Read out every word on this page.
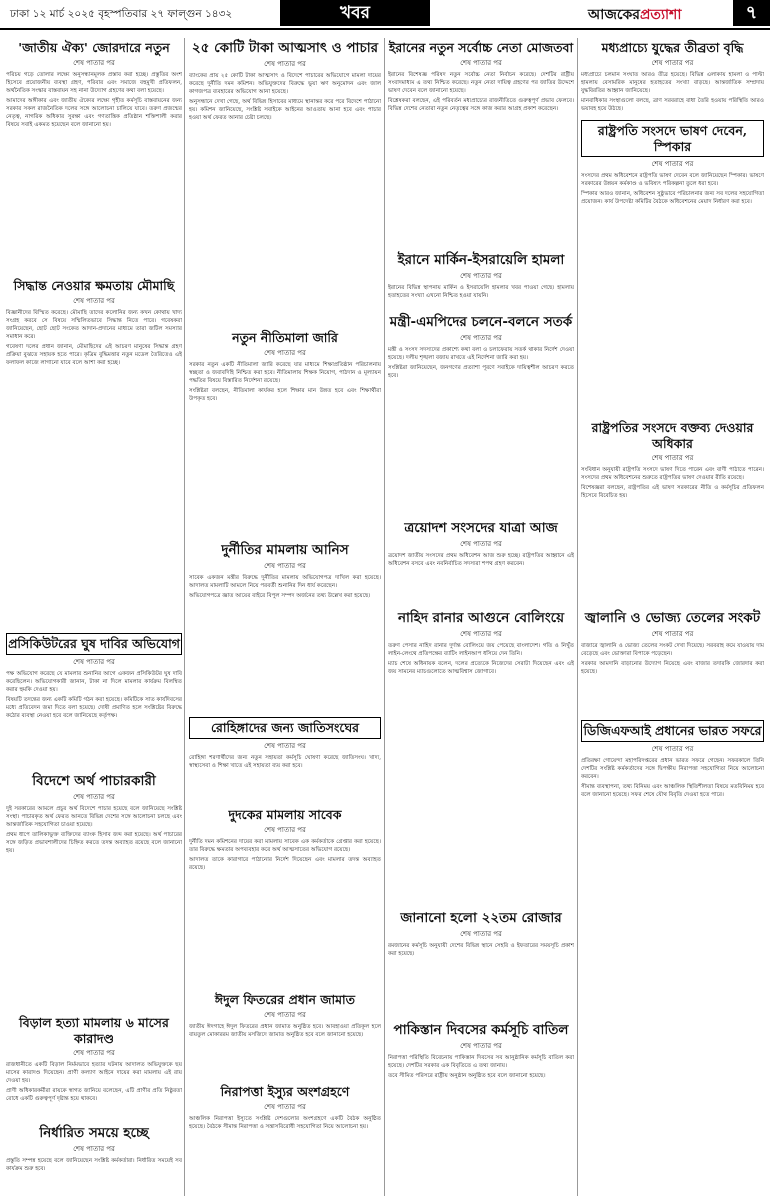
ঢাকা ১২ মার্চ ২০২৫ বৃহস্পতিবার ২৭ ফাল্গুন ১৪৩২	খবর	আজকেরপ্রত্যাশা	৭
'জাতীয় ঐক্য' জোরদারে নতুন
শেষ পাতার পর

পরিচয় গড়ে তোলার লক্ষ্যে অনুসন্ধানমূলক প্রস্তাব করা হচ্ছে। প্রস্তুতির অংশ হিসেবে প্রয়োজনীয় ব্যবস্থা গ্রহণ, পরিবার এবং সমাজে বহুমুখী প্রতিফলন, অর্থনৈতিক সংস্কার বাস্তবায়ন সহ নানা উদ্যোগ গ্রহণের কথা বলা হয়েছে।

আমাদের অঙ্গীকার এবং জাতীয় ঐক্যের লক্ষ্যে গৃহীত কর্মসূচি বাস্তবায়নের জন্য সরকার সকল রাজনৈতিক দলের সঙ্গে আলোচনা চালিয়ে যাবে। তরুণ প্রজন্মের নেতৃত্ব, নাগরিক অধিকার সুরক্ষা এবং গণতান্ত্রিক প্রতিষ্ঠান শক্তিশালী করার বিষয়ে সবাই একমত হয়েছেন বলে জানানো হয়।

সিদ্ধান্ত নেওয়ার ক্ষমতায় মৌমাছি
শেষ পাতার পর

বিজ্ঞানীদের বিস্মিত করেছে। মৌমাছি তাদের কলোনির জন্য কখন কোথায় খাদ্য সংগ্রহ করবে সে বিষয়ে সম্মিলিতভাবে সিদ্ধান্ত নিতে পারে। গবেষকরা জানিয়েছেন, ছোট ছোট সংকেত আদান-প্রদানের মাধ্যমে তারা জটিল সমস্যার সমাধান করে।

গবেষণা দলের প্রধান জানান, মৌমাছিদের এই আচরণ মানুষের সিদ্ধান্ত গ্রহণ প্রক্রিয়া বুঝতে সহায়ক হতে পারে। কৃত্রিম বুদ্ধিমত্তার নতুন মডেল তৈরিতেও এই ফলাফল কাজে লাগানো যাবে বলে আশা করা হচ্ছে।

প্রসিকিউটরের ঘুষ দাবির অভিযোগ
শেষ পাতার পর

পক্ষ অভিযোগ করেছে যে মামলার শুনানির আগে একজন প্রসিকিউটর ঘুষ দাবি করেছিলেন। অভিযোগকারী জানান, টাকা না দিলে মামলার কার্যক্রম বিলম্বিত করার হুমকি দেওয়া হয়।

বিষয়টি তদন্তের জন্য একটি কমিটি গঠন করা হয়েছে। কমিটিকে সাত কার্যদিবসের মধ্যে প্রতিবেদন জমা দিতে বলা হয়েছে। দোষী প্রমাণিত হলে সংশ্লিষ্টের বিরুদ্ধে কঠোর ব্যবস্থা নেওয়া হবে বলে জানিয়েছে কর্তৃপক্ষ।

বিদেশে অর্থ পাচারকারী
শেষ পাতার পর

দুই সরকারের আমলে প্রচুর অর্থ বিদেশে পাচার হয়েছে বলে জানিয়েছে সংশ্লিষ্ট সংস্থা। পাচারকৃত অর্থ ফেরত আনতে বিভিন্ন দেশের সঙ্গে আলোচনা চলছে এবং আন্তর্জাতিক সহযোগিতা চাওয়া হয়েছে।

প্রথম ধাপে তালিকাভুক্ত ব্যক্তিদের ব্যাংক হিসাব জব্দ করা হয়েছে। অর্থ পাচারের সঙ্গে জড়িত প্রভাবশালীদের চিহ্নিত করতে তদন্ত অব্যাহত রয়েছে বলে জানানো হয়।

বিড়াল হত্যা মামলায় ৬ মাসের কারাদণ্ড
শেষ পাতার পর

রাজধানীতে একটি বিড়াল নির্মমভাবে হত্যার ঘটনায় আদালত অভিযুক্তকে ছয় মাসের কারাদণ্ড দিয়েছেন। প্রাণী কল্যাণ আইনে দায়ের করা মামলায় এই রায় দেওয়া হয়।

প্রাণী অধিকারকর্মীরা রায়কে স্বাগত জানিয়ে বলেছেন, এটি প্রাণীর প্রতি নিষ্ঠুরতা রোধে একটি গুরুত্বপূর্ণ দৃষ্টান্ত হয়ে থাকবে।

নির্ধারিত সময়ে হচ্ছে
শেষ পাতার পর

প্রস্তুতি সম্পন্ন হয়েছে বলে জানিয়েছেন সংশ্লিষ্ট কর্মকর্তারা। নির্ধারিত সময়েই সব কার্যক্রম শুরু হবে।

২৫ কোটি টাকা আত্মসাৎ ও পাচার
শেষ পাতার পর

ব্যাংকের প্রায় ২৫ কোটি টাকা আত্মসাৎ ও বিদেশে পাচারের অভিযোগে মামলা দায়ের করেছে দুর্নীতি দমন কমিশন। অভিযুক্তদের বিরুদ্ধে ভুয়া ঋণ অনুমোদন এবং জাল কাগজপত্র ব্যবহারের অভিযোগ আনা হয়েছে।

অনুসন্ধানে দেখা গেছে, অর্থ বিভিন্ন হিসাবের মাধ্যমে স্থানান্তর করে পরে বিদেশে পাঠানো হয়। কমিশন জানিয়েছে, সংশ্লিষ্ট সবাইকে আইনের আওতায় আনা হবে এবং পাচার হওয়া অর্থ ফেরত আনার চেষ্টা চলছে।

নতুন নীতিমালা জারি
শেষ পাতার পর

সরকার নতুন একটি নীতিমালা জারি করেছে যার মাধ্যমে শিক্ষাপ্রতিষ্ঠান পরিচালনায় স্বচ্ছতা ও জবাবদিহি নিশ্চিত করা হবে। নীতিমালায় শিক্ষক নিয়োগ, পাঠদান ও মূল্যায়ন পদ্ধতির বিষয়ে বিস্তারিত নির্দেশনা রয়েছে।

সংশ্লিষ্টরা বলছেন, নীতিমালা কার্যকর হলে শিক্ষার মান উন্নত হবে এবং শিক্ষার্থীরা উপকৃত হবে।

দুর্নীতির মামলায় আনিস
শেষ পাতার পর

সাবেক একজন মন্ত্রীর বিরুদ্ধে দুর্নীতির মামলায় অভিযোগপত্র দাখিল করা হয়েছে। আদালত মামলাটি আমলে নিয়ে পরবর্তী শুনানির দিন ধার্য করেছেন।

অভিযোগপত্রে জ্ঞাত আয়ের বাইরে বিপুল সম্পদ অর্জনের তথ্য উল্লেখ করা হয়েছে।

রোহিঙ্গাদের জন্য জাতিসংঘের
শেষ পাতার পর

রোহিঙ্গা শরণার্থীদের জন্য নতুন সহায়তা কর্মসূচি ঘোষণা করেছে জাতিসংঘ। খাদ্য, স্বাস্থ্যসেবা ও শিক্ষা খাতে এই সহায়তা ব্যয় করা হবে।

দুদকের মামলায় সাবেক
শেষ পাতার পর

দুর্নীতি দমন কমিশনের দায়ের করা মামলায় সাবেক এক কর্মকর্তাকে গ্রেপ্তার করা হয়েছে। তার বিরুদ্ধে ক্ষমতার অপব্যবহার করে অর্থ আত্মসাতের অভিযোগ রয়েছে।

আদালত তাকে কারাগারে পাঠানোর নির্দেশ দিয়েছেন এবং মামলার তদন্ত অব্যাহত রয়েছে।

ঈদুল ফিতরের প্রধান জামাত
শেষ পাতার পর

জাতীয় ঈদগাহে ঈদুল ফিতরের প্রধান জামাত অনুষ্ঠিত হবে। আবহাওয়া প্রতিকূল হলে বায়তুল মোকাররম জাতীয় মসজিদে জামাত অনুষ্ঠিত হবে বলে জানানো হয়েছে।

নিরাপত্তা ইস্যুর অংশগ্রহণে
শেষ পাতার পর

আঞ্চলিক নিরাপত্তা ইস্যুতে সংশ্লিষ্ট দেশগুলোর অংশগ্রহণে একটি বৈঠক অনুষ্ঠিত হয়েছে। বৈঠকে সীমান্ত নিরাপত্তা ও সন্ত্রাসবিরোধী সহযোগিতা নিয়ে আলোচনা হয়।

ইরানের নতুন সর্বোচ্চ নেতা মোজতবা
শেষ পাতার পর

ইরানের বিশেষজ্ঞ পরিষদ নতুন সর্বোচ্চ নেতা নির্বাচন করেছে। দেশটির রাষ্ট্রীয় সংবাদমাধ্যম এ তথ্য নিশ্চিত করেছে। নতুন নেতা দায়িত্ব গ্রহণের পর জাতির উদ্দেশে ভাষণ দেবেন বলে জানানো হয়েছে।

বিশ্লেষকরা বলছেন, এই পরিবর্তন মধ্যপ্রাচ্যের রাজনীতিতে গুরুত্বপূর্ণ প্রভাব ফেলবে। বিভিন্ন দেশের নেতারা নতুন নেতৃত্বের সঙ্গে কাজ করার আগ্রহ প্রকাশ করেছেন।

ইরানে মার্কিন-ইসরায়েলি হামলা
শেষ পাতার পর

ইরানের বিভিন্ন স্থাপনায় মার্কিন ও ইসরায়েলি হামলার খবর পাওয়া গেছে। হামলায় হতাহতের সংখ্যা এখনো নিশ্চিত হওয়া যায়নি।

মন্ত্রী-এমপিদের চলনে-বলনে সতর্ক
শেষ পাতার পর

মন্ত্রী ও সংসদ সদস্যদের প্রকাশ্যে কথা বলা ও চলাফেরায় সতর্ক থাকার নির্দেশ দেওয়া হয়েছে। দলীয় শৃঙ্খলা বজায় রাখতে এই নির্দেশনা জারি করা হয়।

সংশ্লিষ্টরা জানিয়েছেন, জনগণের প্রত্যাশা পূরণে সবাইকে দায়িত্বশীল আচরণ করতে হবে।

ত্রয়োদশ সংসদের যাত্রা আজ
শেষ পাতার পর

ত্রয়োদশ জাতীয় সংসদের প্রথম অধিবেশন আজ শুরু হচ্ছে। রাষ্ট্রপতির আহ্বানে এই অধিবেশন বসবে এবং নবনির্বাচিত সদস্যরা শপথ গ্রহণ করবেন।

নাহিদ রানার আগুনে বোলিংয়ে
শেষ পাতার পর

তরুণ পেসার নাহিদ রানার দুর্দান্ত বোলিংয়ে জয় পেয়েছে বাংলাদেশ। গতি ও নিখুঁত লাইন-লেংথে প্রতিপক্ষের ব্যাটিং লাইনআপ ধসিয়ে দেন তিনি।

ম্যাচ শেষে অধিনায়ক বলেন, দলের প্রত্যেকে নিজেদের সেরাটা দিয়েছেন এবং এই জয় সামনের ম্যাচগুলোতে আত্মবিশ্বাস জোগাবে।

জানানো হলো ২২তম রোজার
শেষ পাতার পর

রমজানের কর্মসূচি অনুযায়ী দেশের বিভিন্ন স্থানে সেহরি ও ইফতারের সময়সূচি প্রকাশ করা হয়েছে।

পাকিস্তান দিবসের কর্মসূচি বাতিল
শেষ পাতার পর

নিরাপত্তা পরিস্থিতি বিবেচনায় পাকিস্তান দিবসের সব আনুষ্ঠানিক কর্মসূচি বাতিল করা হয়েছে। দেশটির সরকার এক বিবৃতিতে এ তথ্য জানায়।

তবে সীমিত পরিসরে রাষ্ট্রীয় অনুষ্ঠান অনুষ্ঠিত হবে বলে জানানো হয়েছে।

মধ্যপ্রাচ্যে যুদ্ধের তীব্রতা বৃদ্ধি
শেষ পাতার পর

মধ্যপ্রাচ্যে চলমান সংঘাত আরও তীব্র হয়েছে। বিভিন্ন এলাকায় হামলা ও পাল্টা হামলায় বেসামরিক মানুষের হতাহতের সংখ্যা বাড়ছে। আন্তর্জাতিক সম্প্রদায় যুদ্ধবিরতির আহ্বান জানিয়েছে।

মানবাধিকার সংস্থাগুলো বলছে, ত্রাণ সরবরাহে বাধা তৈরি হওয়ায় পরিস্থিতি আরও ভয়াবহ হয়ে উঠছে।

রাষ্ট্রপতি সংসদে ভাষণ দেবেন, স্পিকার
শেষ পাতার পর

সংসদের প্রথম অধিবেশনে রাষ্ট্রপতি ভাষণ দেবেন বলে জানিয়েছেন স্পিকার। ভাষণে সরকারের উন্নয়ন কর্মকাণ্ড ও ভবিষ্যৎ পরিকল্পনা তুলে ধরা হবে।

স্পিকার আরও জানান, অধিবেশন সুষ্ঠুভাবে পরিচালনার জন্য সব দলের সহযোগিতা প্রয়োজন। কার্য উপদেষ্টা কমিটির বৈঠকে অধিবেশনের মেয়াদ নির্ধারণ করা হবে।

রাষ্ট্রপতির সংসদে বক্তব্য দেওয়ার অধিকার
শেষ পাতার পর

সংবিধান অনুযায়ী রাষ্ট্রপতি সংসদে ভাষণ দিতে পারেন এবং বাণী পাঠাতে পারেন। সংসদের প্রথম অধিবেশনের শুরুতে রাষ্ট্রপতির ভাষণ দেওয়ার রীতি রয়েছে।

বিশেষজ্ঞরা বলছেন, রাষ্ট্রপতির এই ভাষণ সরকারের নীতি ও কর্মসূচির প্রতিফলন হিসেবে বিবেচিত হয়।

জ্বালানি ও ভোজ্য তেলের সংকট
শেষ পাতার পর

বাজারে জ্বালানি ও ভোজ্য তেলের সংকট দেখা দিয়েছে। সরবরাহ কমে যাওয়ায় দাম বেড়েছে এবং ভোক্তারা বিপাকে পড়েছেন।

সরকার আমদানি বাড়ানোর উদ্যোগ নিয়েছে এবং বাজার তদারকি জোরদার করা হয়েছে।

ডিজিএফআই প্রধানের ভারত সফরে
শেষ পাতার পর

প্রতিরক্ষা গোয়েন্দা মহাপরিদপ্তরের প্রধান ভারত সফরে গেছেন। সফরকালে তিনি দেশটির সংশ্লিষ্ট কর্মকর্তাদের সঙ্গে দ্বিপক্ষীয় নিরাপত্তা সহযোগিতা নিয়ে আলোচনা করবেন।

সীমান্ত ব্যবস্থাপনা, তথ্য বিনিময় এবং আঞ্চলিক স্থিতিশীলতা বিষয়ে মতবিনিময় হবে বলে জানানো হয়েছে। সফর শেষে যৌথ বিবৃতি দেওয়া হতে পারে।
